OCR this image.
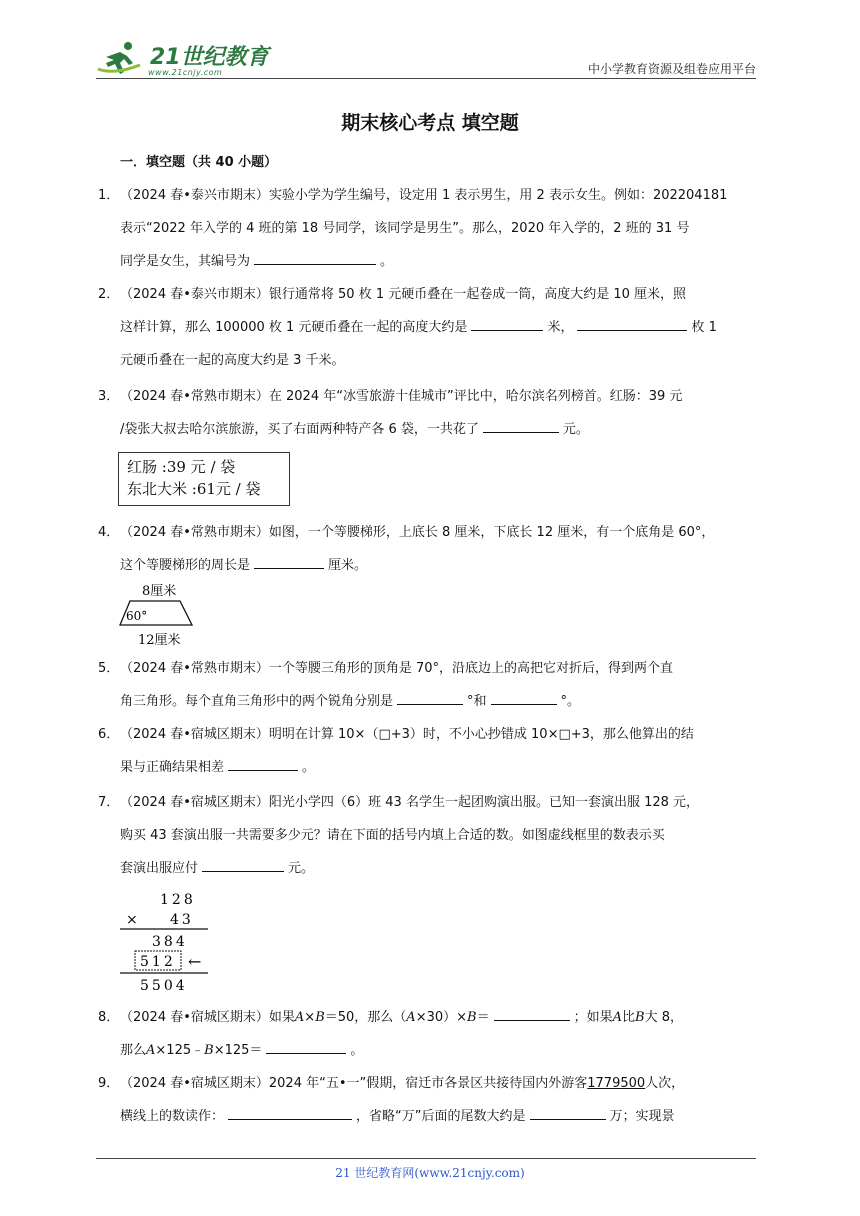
21世纪教育
www.21cnjy.com	中小学教育资源及组卷应用平台
期末核心考点 填空题
一．填空题（共 40 小题）
1．（2024 春•泰兴市期末）实验小学为学生编号，设定用 1 表示男生，用 2 表示女生。例如：202204181
表示“2022 年入学的 4 班的第 18 号同学，该同学是男生”。那么，2020 年入学的，2 班的 31 号
同学是女生，其编号为	。
2．（2024 春•泰兴市期末）银行通常将 50 枚 1 元硬币叠在一起卷成一筒，高度大约是 10 厘米，照
这样计算，那么 100000 枚 1 元硬币叠在一起的高度大约是	米，	枚 1
元硬币叠在一起的高度大约是 3 千米。
3．（2024 春•常熟市期末）在 2024 年“冰雪旅游十佳城市”评比中，哈尔滨名列榜首。红肠：39 元
/袋张大叔去哈尔滨旅游，买了右面两种特产各 6 袋，一共花了	元。
红肠 :39 元 / 袋
东北大米 :61元 / 袋
4．（2024 春•常熟市期末）如图，一个等腰梯形，上底长 8 厘米，下底长 12 厘米，有一个底角是 60°，
这个等腰梯形的周长是	厘米。
8厘米
60°
12厘米
5．（2024 春•常熟市期末）一个等腰三角形的顶角是 70°，沿底边上的高把它对折后，得到两个直
角三角形。每个直角三角形中的两个锐角分别是	°和	°。
6．（2024 春•宿城区期末）明明在计算 10×（□+3）时，不小心抄错成 10×□+3，那么他算出的结
果与正确结果相差	。
7．（2024 春•宿城区期末）阳光小学四（6）班 43 名学生一起团购演出服。已知一套演出服 128 元，
购买 43 套演出服一共需要多少元？请在下面的括号内填上合适的数。如图虚线框里的数表示买
套演出服应付	元。
128
× 43
384
512 ←
5504
8．（2024 春•宿城区期末）如果A×B＝50，那么（A×30）×B＝	；如果A比B大 8，
那么A×125﹣B×125＝	。
9．（2024 春•宿城区期末）2024 年“五•一”假期，宿迁市各景区共接待国内外游客1779500人次，
横线上的数读作：	，省略“万”后面的尾数大约是	万；实现景
21 世纪教育网(www.21cnjy.com)
